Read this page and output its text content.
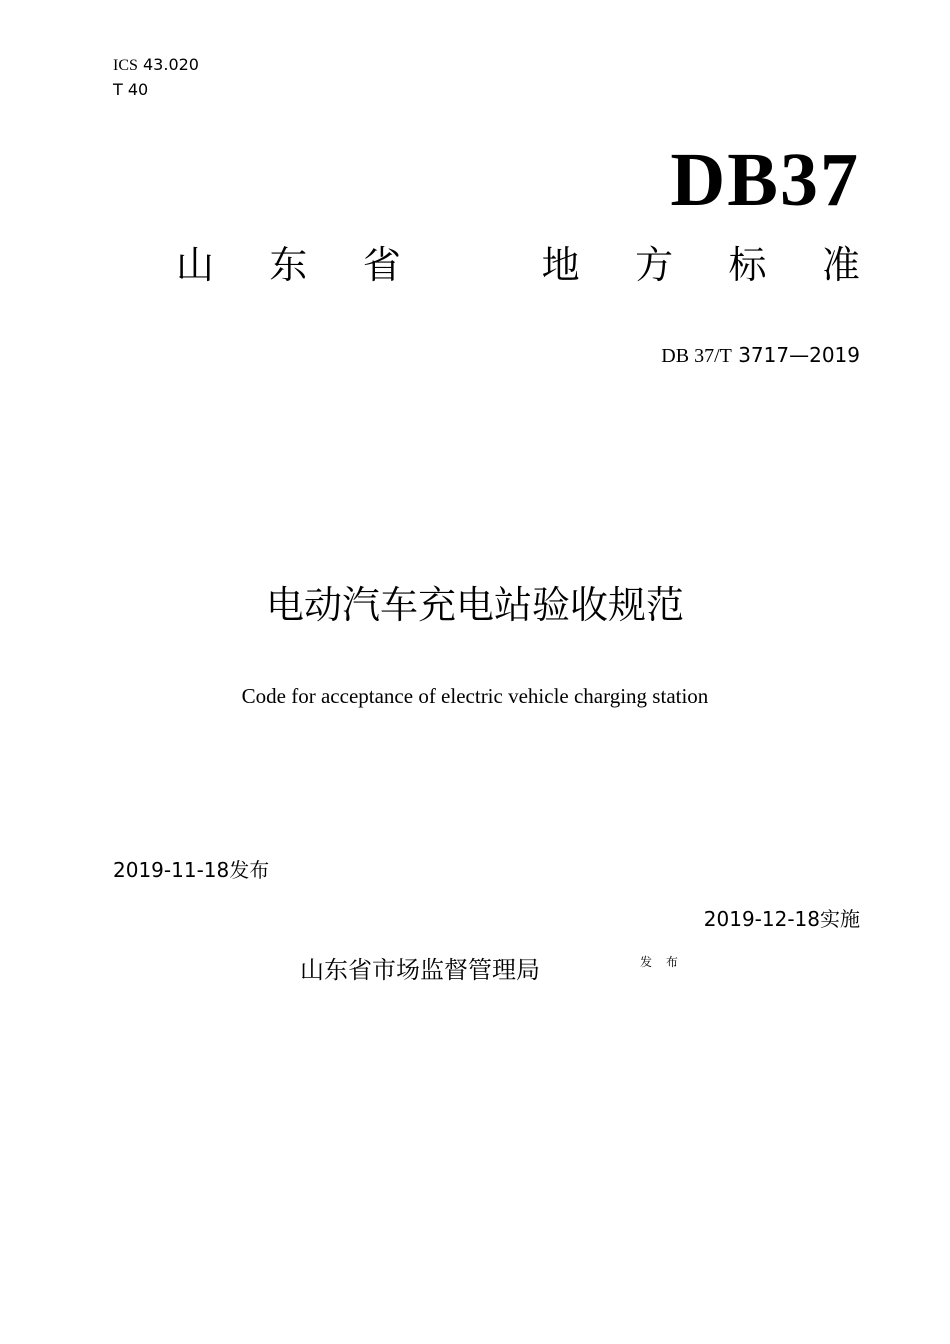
ICS 43.020
T 40
DB37
山 东 省	地 方 标 准
DB 37/T 3717—2019
电动汽车充电站验收规范
Code for acceptance of electric vehicle charging station
2019-11-18发布
2019-12-18实施
山东省市场监督管理局	发 布
